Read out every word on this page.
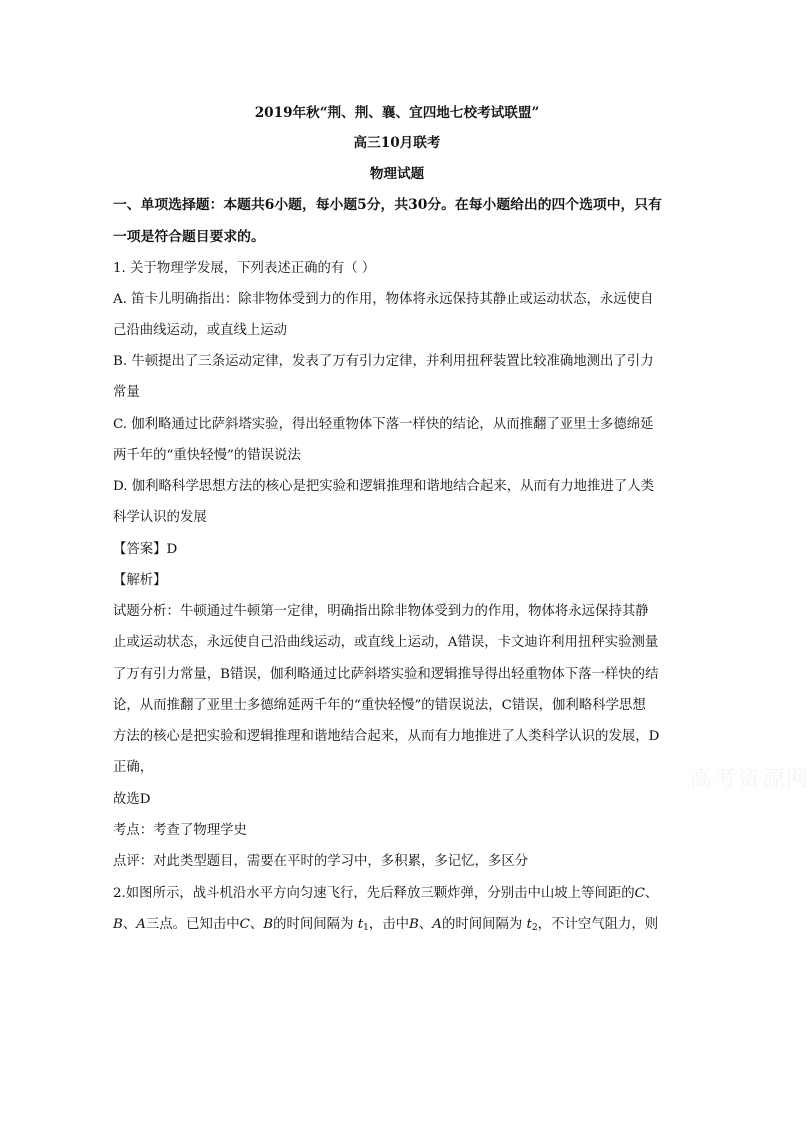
2019年秋“荆、荆、襄、宜四地七校考试联盟”
高三10月联考
物理试题
一、单项选择题：本题共6小题，每小题5分，共30分。在每小题给出的四个选项中，只有
一项是符合题目要求的。
1. 关于物理学发展，下列表述正确的有（ ）
A. 笛卡儿明确指出：除非物体受到力的作用，物体将永远保持其静止或运动状态，永远使自
己沿曲线运动，或直线上运动
B. 牛顿提出了三条运动定律，发表了万有引力定律，并利用扭秤装置比较准确地测出了引力
常量
C. 伽利略通过比萨斜塔实验，得出轻重物体下落一样快的结论，从而推翻了亚里士多德绵延
两千年的“重快轻慢”的错误说法
D. 伽利略科学思想方法的核心是把实验和逻辑推理和谐地结合起来，从而有力地推进了人类
科学认识的发展
【答案】D
【解析】
试题分析：牛顿通过牛顿第一定律，明确指出除非物体受到力的作用，物体将永远保持其静
止或运动状态，永远使自己沿曲线运动，或直线上运动，A错误，卡文迪许利用扭秤实验测量
了万有引力常量，B错误，伽利略通过比萨斜塔实验和逻辑推导得出轻重物体下落一样快的结
论，从而推翻了亚里士多德绵延两千年的“重快轻慢”的错误说法，C错误，伽利略科学思想
方法的核心是把实验和逻辑推理和谐地结合起来，从而有力地推进了人类科学认识的发展，D
正确，
故选D
考点：考查了物理学史
点评：对此类型题目，需要在平时的学习中，多积累，多记忆，多区分
2.如图所示，战斗机沿水平方向匀速飞行，先后释放三颗炸弹，分别击中山坡上等间距的C、
B、A三点。已知击中C、B的时间间隔为 $t_1$，击中B、A的时间间隔为 $t_2$，不计空气阻力，则
高考资源网
